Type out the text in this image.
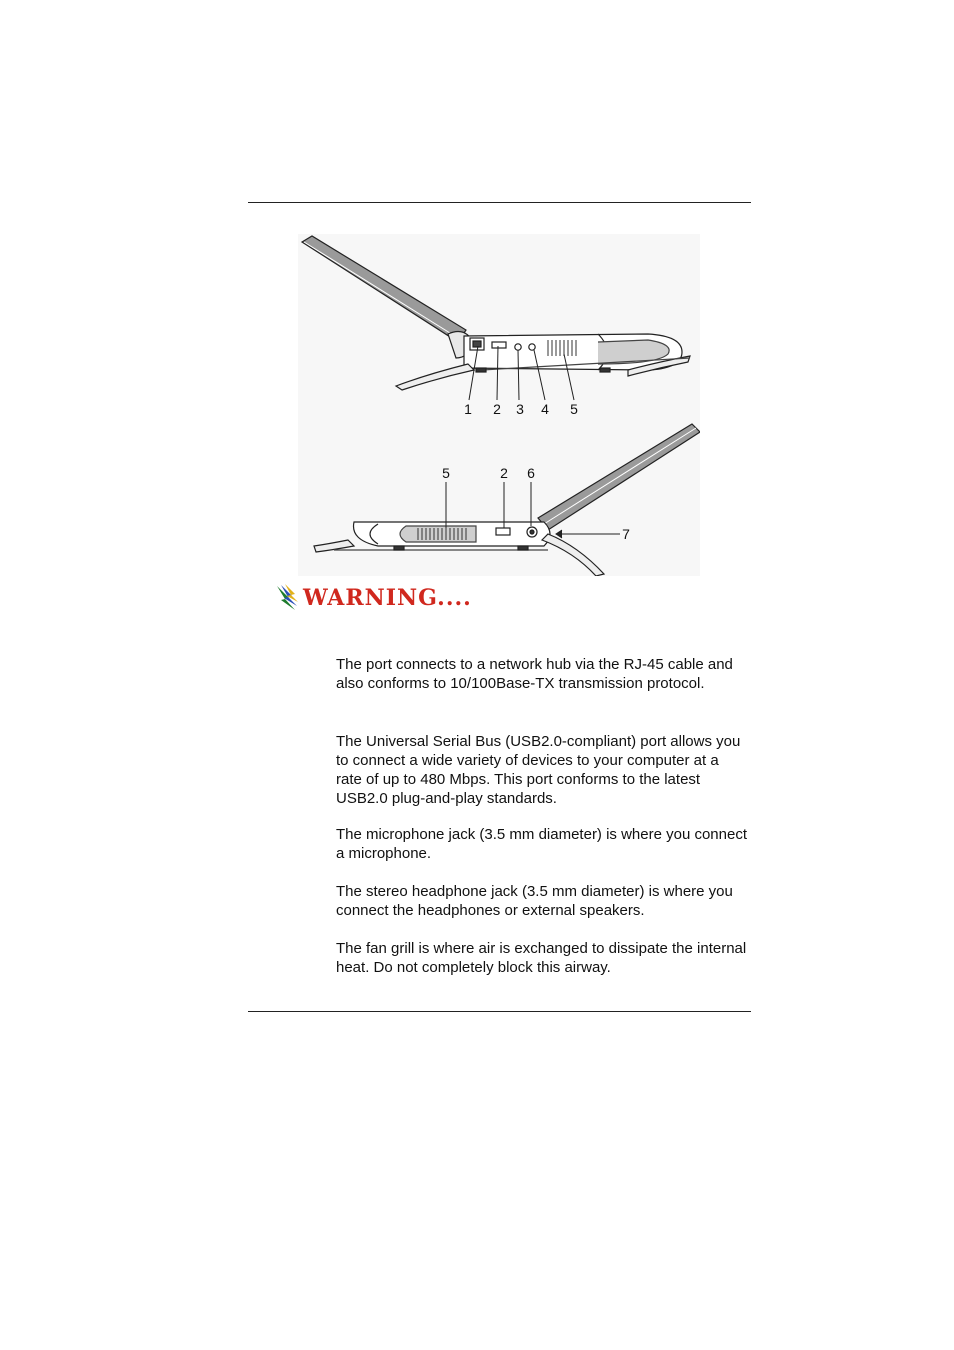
1 2 3 4 5
5	2 6
7
WARNING....

The port connects to a network hub via the RJ-45 cable and also conforms to 10/100Base-TX transmission protocol.

The Universal Serial Bus (USB2.0-compliant) port allows you to connect a wide variety of devices to your computer at a rate of up to 480 Mbps. This port conforms to the latest USB2.0 plug-and-play standards.

The microphone jack (3.5 mm diameter) is where you connect a microphone.

The stereo headphone jack (3.5 mm diameter) is where you connect the headphones or external speakers.

The fan grill is where air is exchanged to dissipate the internal heat. Do not completely block this airway.
